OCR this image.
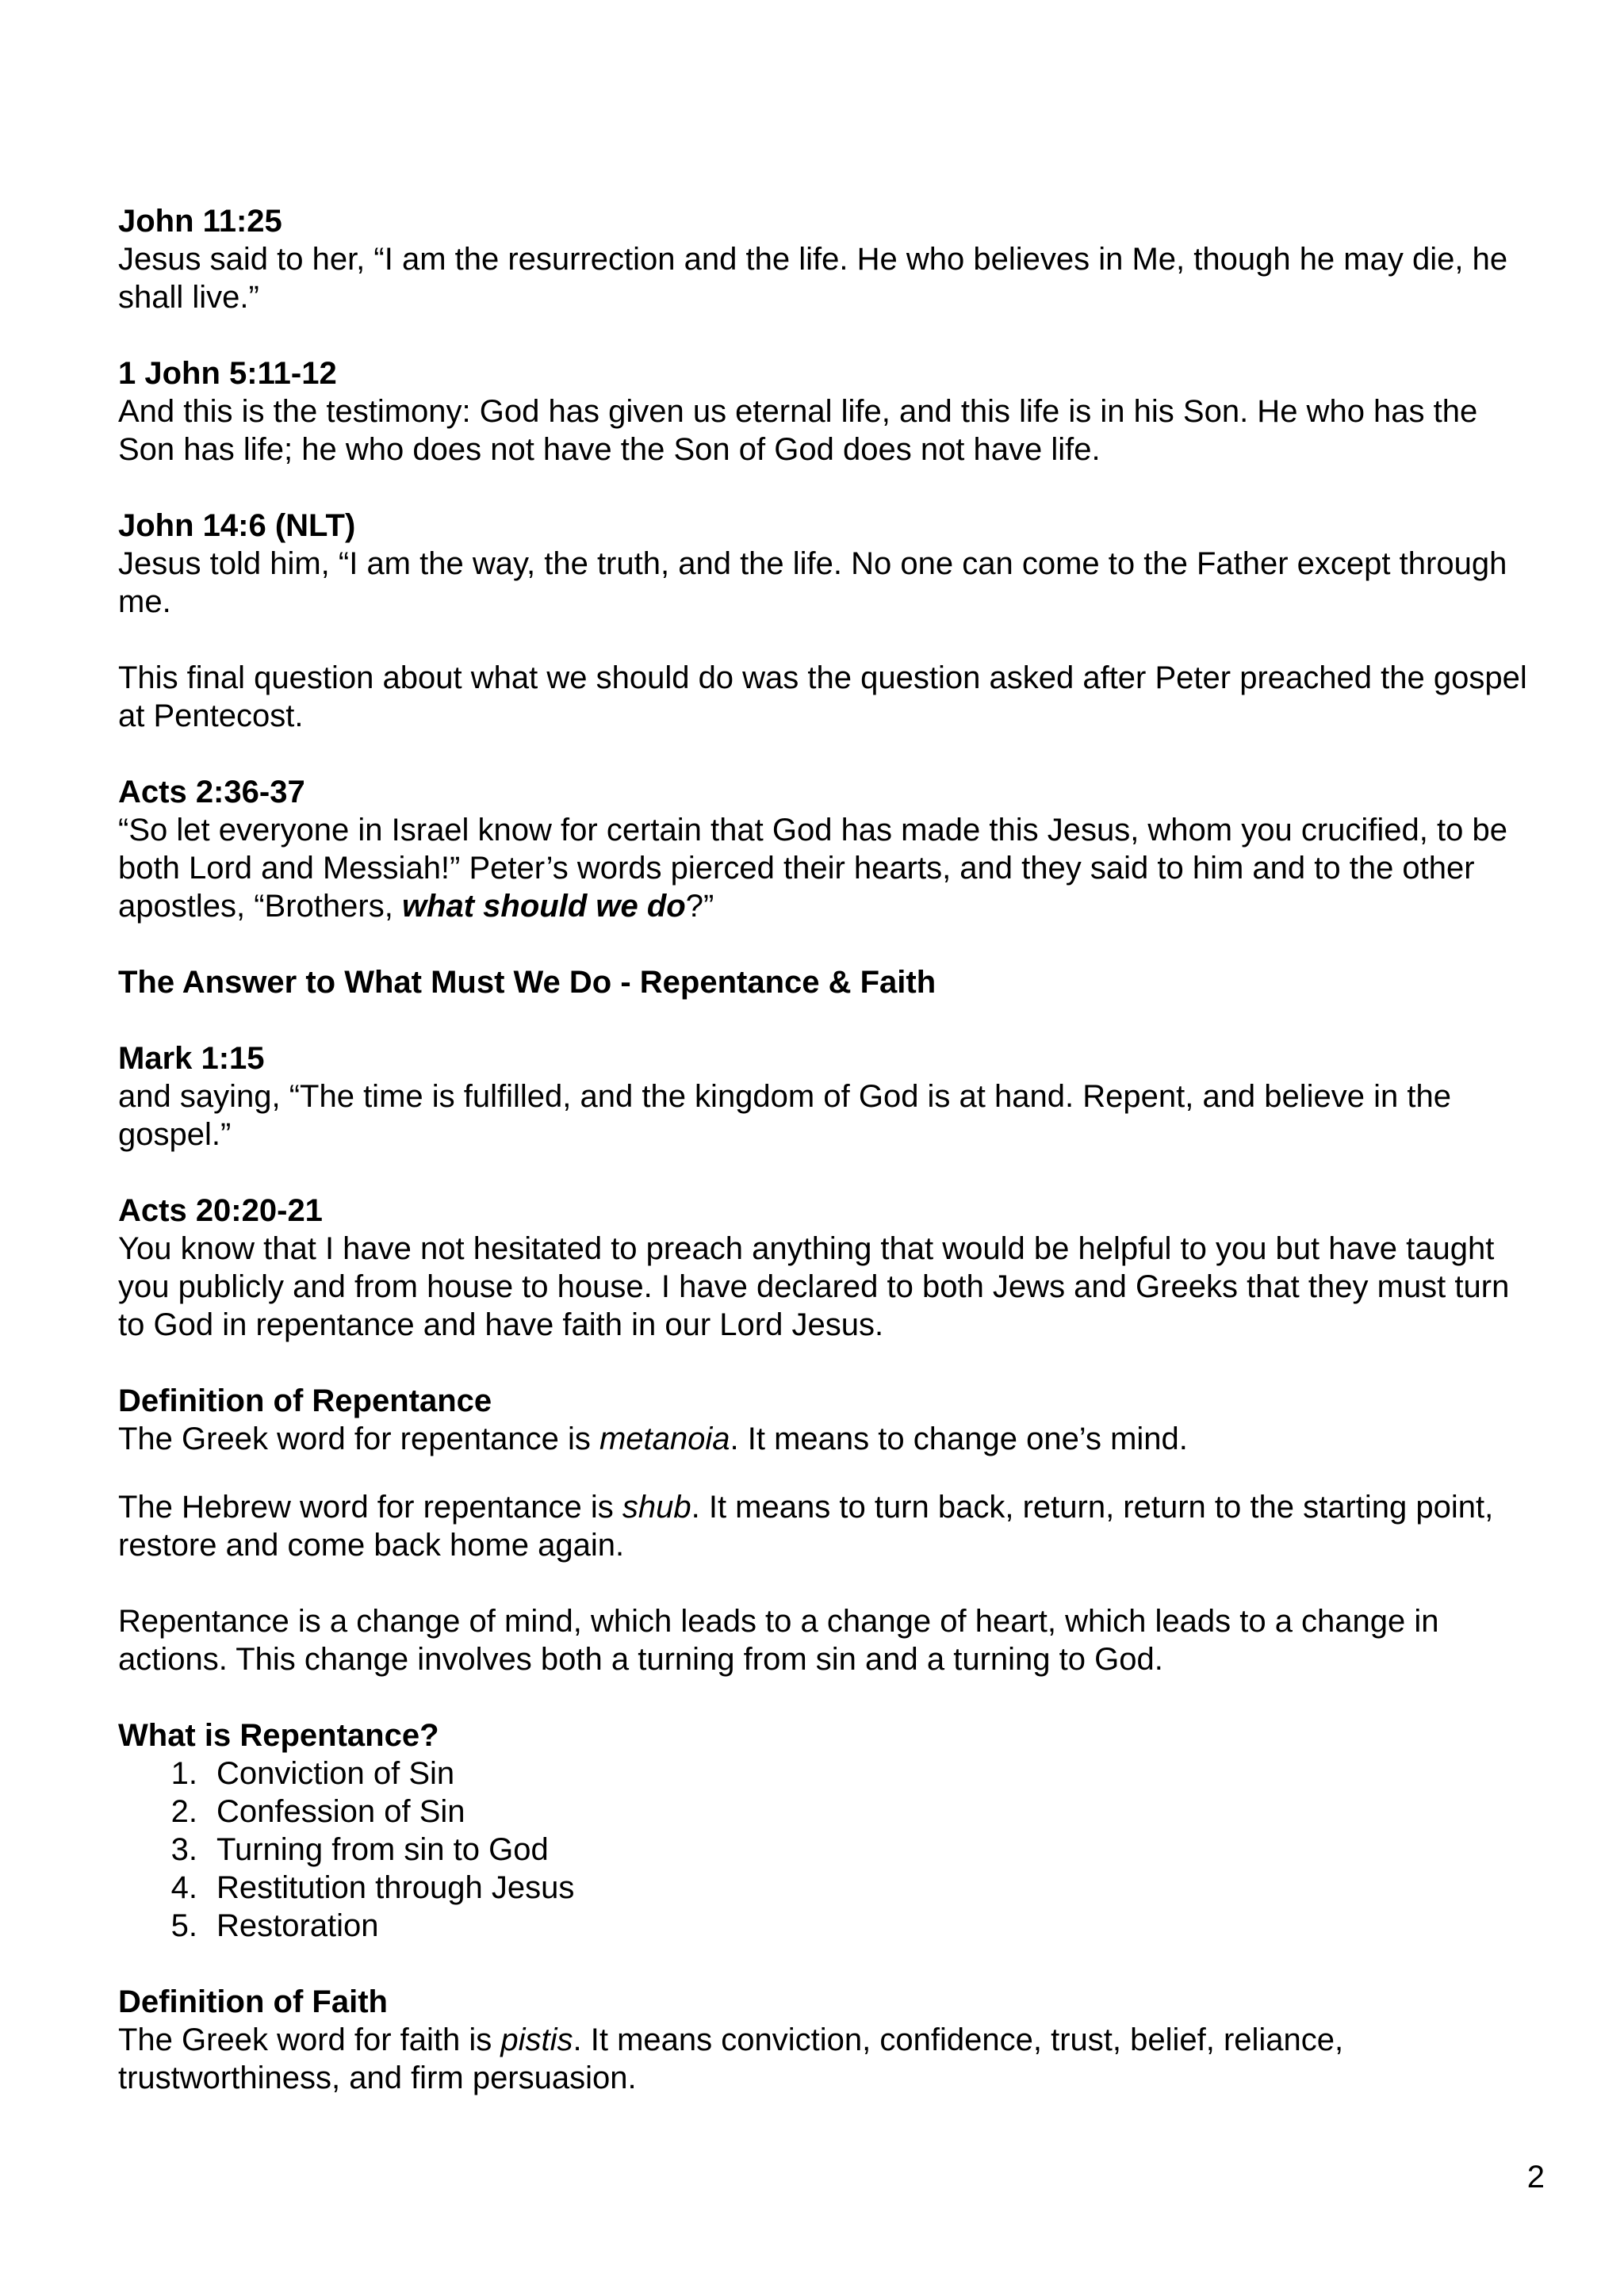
John 11:25

Jesus said to her, “I am the resurrection and the life. He who believes in Me, though he may die, he shall live.”

1 John 5:11-12

And this is the testimony: God has given us eternal life, and this life is in his Son. He who has the Son has life; he who does not have the Son of God does not have life.

John 14:6 (NLT)

Jesus told him, “I am the way, the truth, and the life. No one can come to the Father except through me.

This final question about what we should do was the question asked after Peter preached the gospel at Pentecost.

Acts 2:36-37

“So let everyone in Israel know for certain that God has made this Jesus, whom you crucified, to be both Lord and Messiah!” Peter’s words pierced their hearts, and they said to him and to the other apostles, “Brothers, what should we do?”

The Answer to What Must We Do - Repentance & Faith
Mark 1:15

and saying, “The time is fulfilled, and the kingdom of God is at hand. Repent, and believe in the gospel.”

Acts 20:20-21

You know that I have not hesitated to preach anything that would be helpful to you but have taught you publicly and from house to house. I have declared to both Jews and Greeks that they must turn to God in repentance and have faith in our Lord Jesus.

Definition of Repentance

The Greek word for repentance is metanoia. It means to change one’s mind.

The Hebrew word for repentance is shub. It means to turn back, return, return to the starting point, restore and come back home again.

Repentance is a change of mind, which leads to a change of heart, which leads to a change in actions. This change involves both a turning from sin and a turning to God.

What is Repentance?
1. Conviction of Sin
2. Confession of Sin
3. Turning from sin to God
4. Restitution through Jesus
5. Restoration
Definition of Faith

The Greek word for faith is pistis. It means conviction, confidence, trust, belief, reliance, trustworthiness, and firm persuasion.

2
